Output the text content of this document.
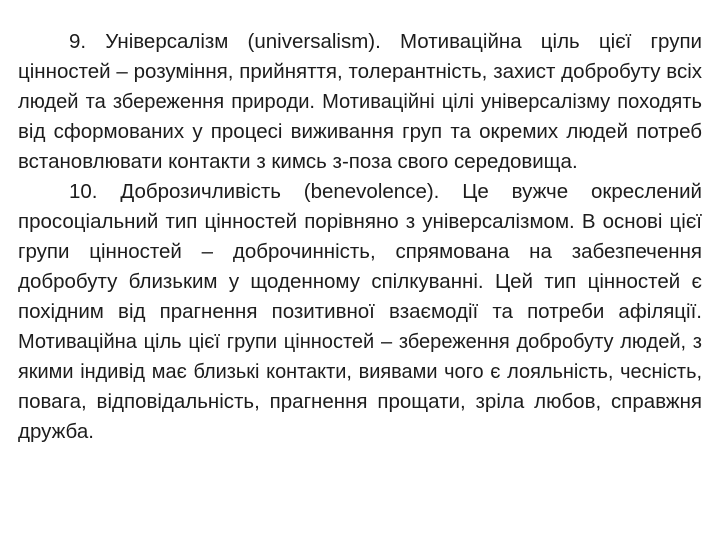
9. Універсалізм (universalism). Мотиваційна ціль цієї групи
цінностей – розуміння, прийняття, толерантність, захист добробуту всіх
людей та збереження природи. Мотиваційні цілі універсалізму походять
від сформованих у процесі виживання груп та окремих людей потреб
встановлювати контакти з кимсь з-поза свого середовища.
10. Доброзичливість (benevolence). Це вужче окреслений
просоціальний тип цінностей порівняно з універсалізмом. В основі цієї
групи цінностей – доброчинність, спрямована на забезпечення
добробуту близьким у щоденному спілкуванні. Цей тип цінностей є
похідним від прагнення позитивної взаємодії та потреби афіляції.
Мотиваційна ціль цієї групи цінностей – збереження добробуту людей, з
якими індивід має близькі контакти, виявами чого є лояльність, чесність,
повага, відповідальність, прагнення прощати, зріла любов, справжня
дружба.
